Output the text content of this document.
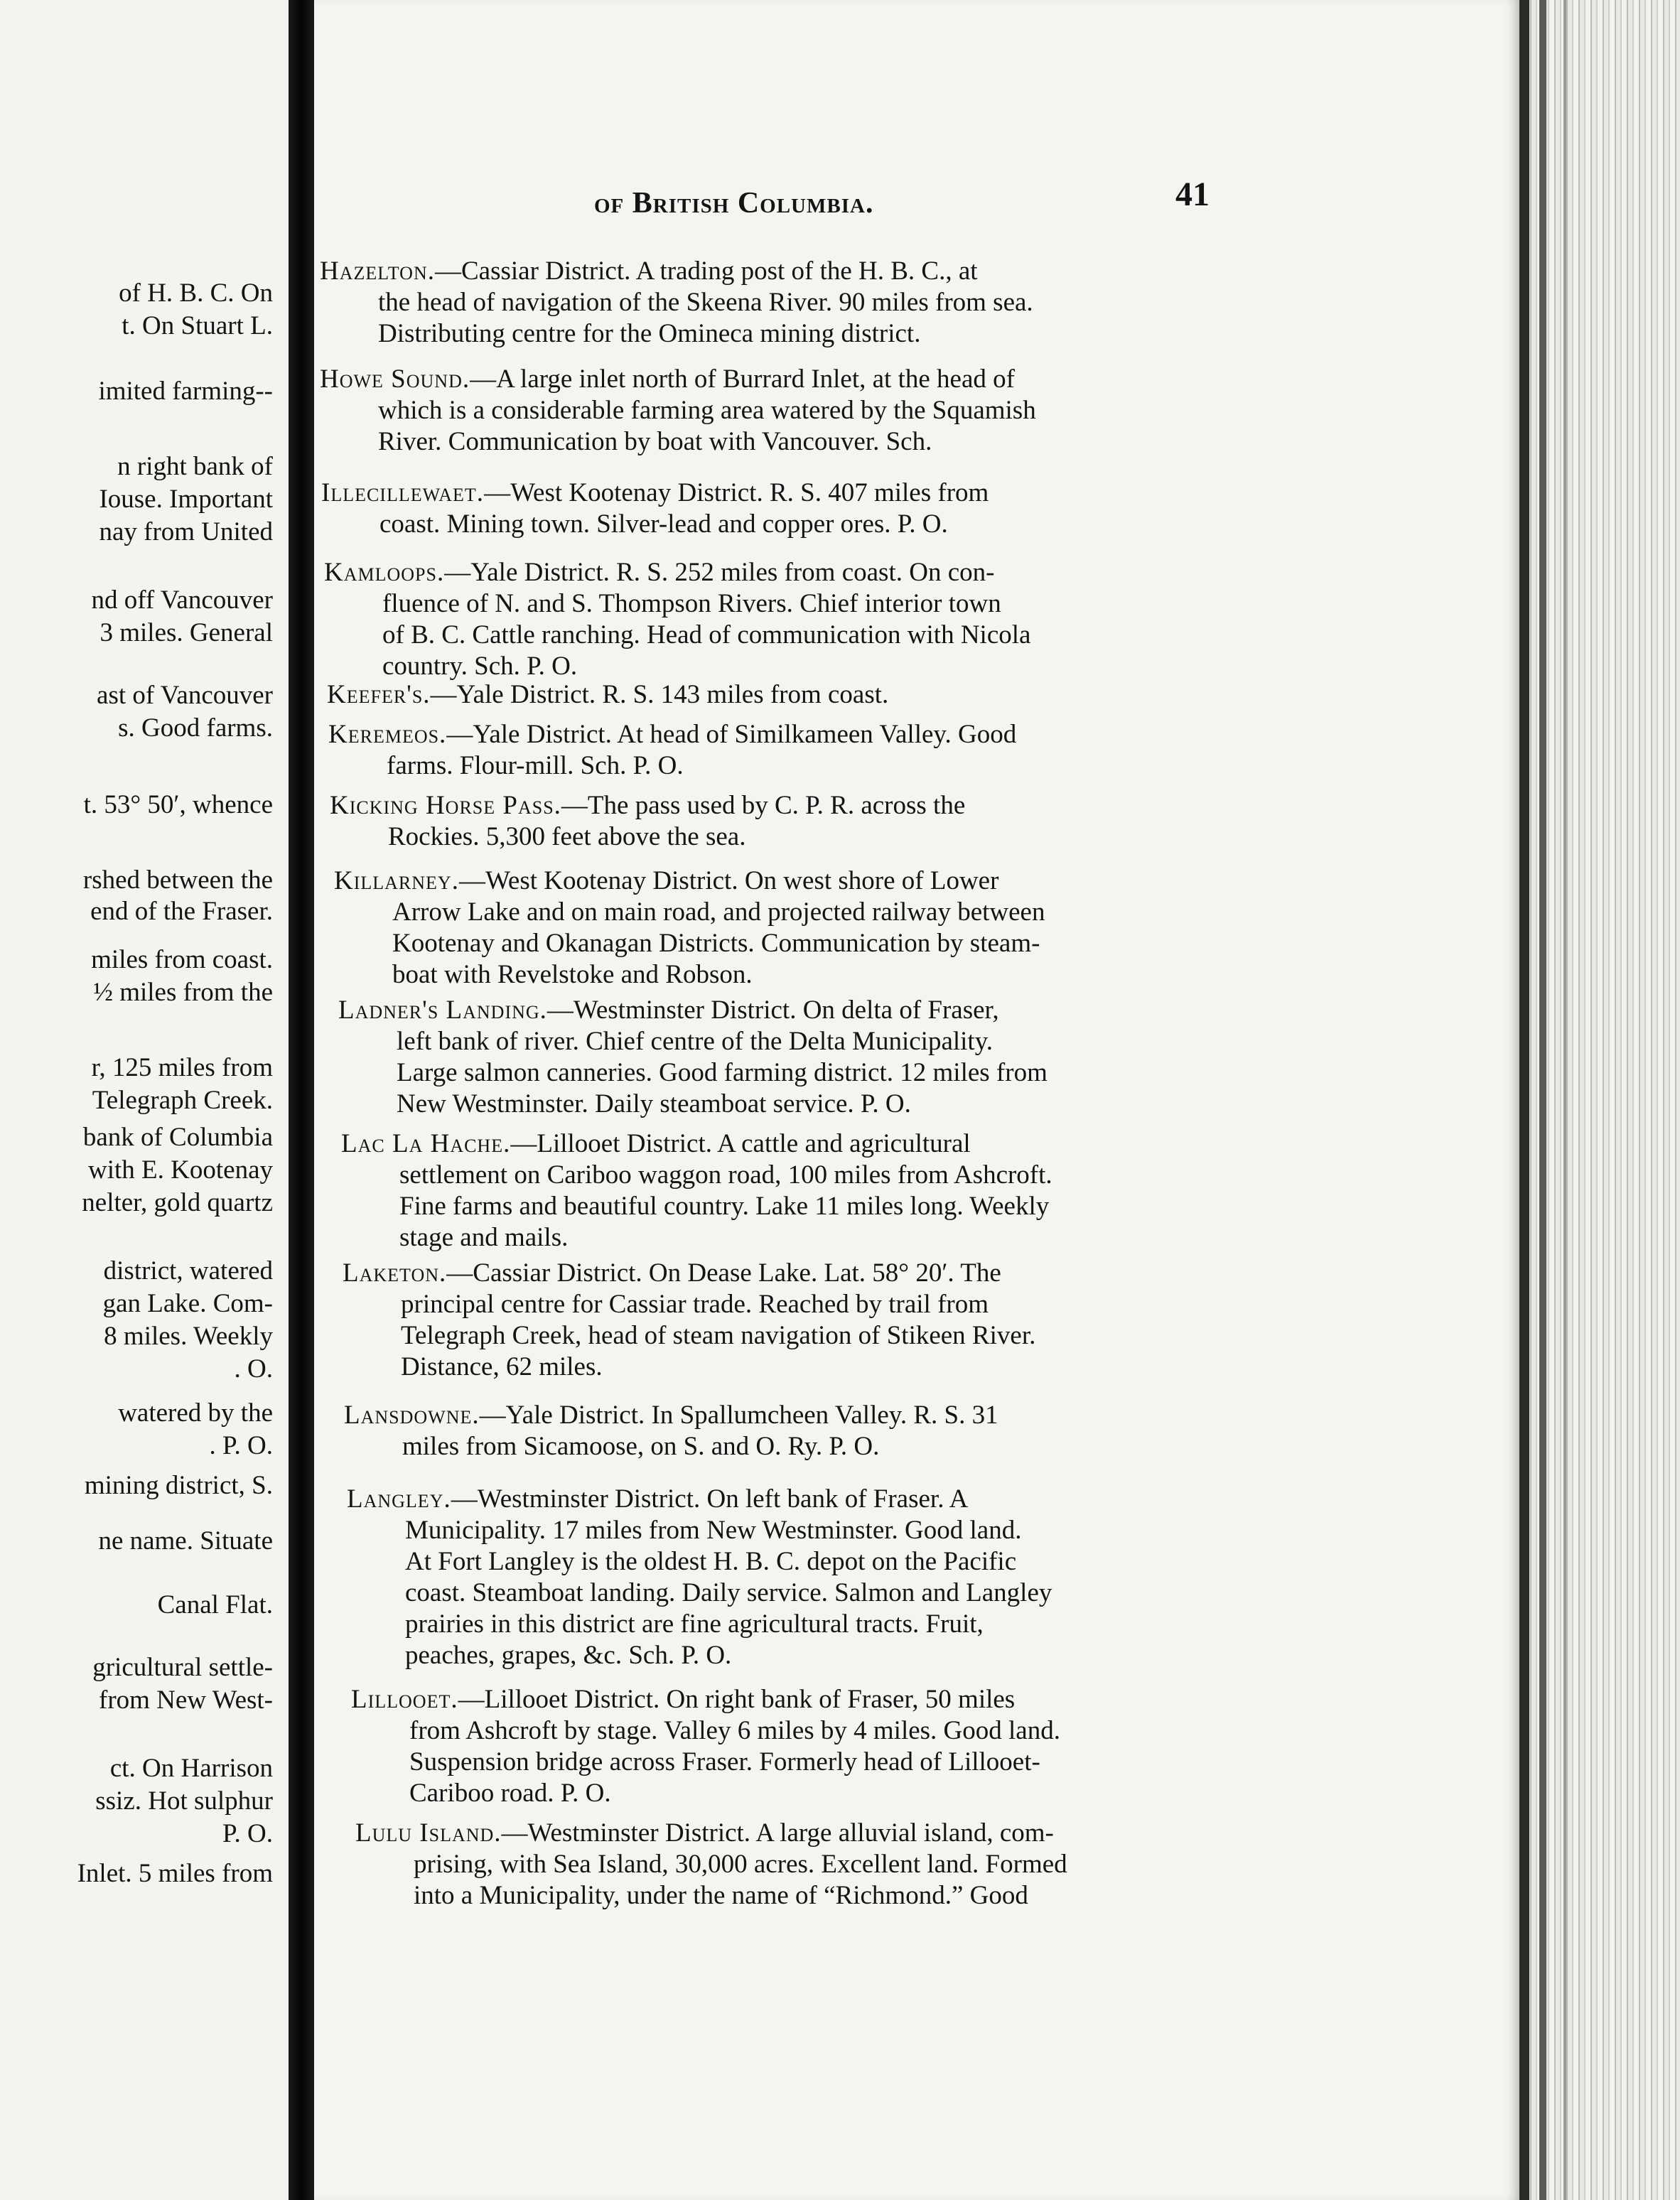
of H. B. C. On
t. On Stuart L.
imited farming--
n right bank of
Iouse. Important
nay from United
nd off Vancouver
3 miles. General
ast of Vancouver
s. Good farms.
t. 53° 50′, whence
rshed between the
end of the Fraser.
miles from coast.
½ miles from the
r, 125 miles from
Telegraph Creek.
bank of Columbia
with E. Kootenay
nelter, gold quartz
district, watered
gan Lake. Com-
8 miles. Weekly
. O.
watered by the
. P. O.
mining district, S.
ne name. Situate
Canal Flat.
gricultural settle-
from New West-
ct. On Harrison
ssiz. Hot sulphur
P. O.
Inlet. 5 miles from
of British Columbia.	41
Hazelton.—Cassiar District. A trading post of the H. B. C., at
the head of navigation of the Skeena River. 90 miles from sea.
Distributing centre for the Omineca mining district.
Howe Sound.—A large inlet north of Burrard Inlet, at the head of
which is a considerable farming area watered by the Squamish
River. Communication by boat with Vancouver. Sch.
Illecillewaet.—West Kootenay District. R. S. 407 miles from
coast. Mining town. Silver-lead and copper ores. P. O.
Kamloops.—Yale District. R. S. 252 miles from coast. On con-
fluence of N. and S. Thompson Rivers. Chief interior town
of B. C. Cattle ranching. Head of communication with Nicola
country. Sch. P. O.
Keefer's.—Yale District. R. S. 143 miles from coast.
Keremeos.—Yale District. At head of Similkameen Valley. Good
farms. Flour-mill. Sch. P. O.
Kicking Horse Pass.—The pass used by C. P. R. across the
Rockies. 5,300 feet above the sea.
Killarney.—West Kootenay District. On west shore of Lower
Arrow Lake and on main road, and projected railway between
Kootenay and Okanagan Districts. Communication by steam-
boat with Revelstoke and Robson.
Ladner's Landing.—Westminster District. On delta of Fraser,
left bank of river. Chief centre of the Delta Municipality.
Large salmon canneries. Good farming district. 12 miles from
New Westminster. Daily steamboat service. P. O.
Lac La Hache.—Lillooet District. A cattle and agricultural
settlement on Cariboo waggon road, 100 miles from Ashcroft.
Fine farms and beautiful country. Lake 11 miles long. Weekly
stage and mails.
Laketon.—Cassiar District. On Dease Lake. Lat. 58° 20′. The
principal centre for Cassiar trade. Reached by trail from
Telegraph Creek, head of steam navigation of Stikeen River.
Distance, 62 miles.
Lansdowne.—Yale District. In Spallumcheen Valley. R. S. 31
miles from Sicamoose, on S. and O. Ry. P. O.
Langley.—Westminster District. On left bank of Fraser. A
Municipality. 17 miles from New Westminster. Good land.
At Fort Langley is the oldest H. B. C. depot on the Pacific
coast. Steamboat landing. Daily service. Salmon and Langley
prairies in this district are fine agricultural tracts. Fruit,
peaches, grapes, &c. Sch. P. O.
Lillooet.—Lillooet District. On right bank of Fraser, 50 miles
from Ashcroft by stage. Valley 6 miles by 4 miles. Good land.
Suspension bridge across Fraser. Formerly head of Lillooet-
Cariboo road. P. O.
Lulu Island.—Westminster District. A large alluvial island, com-
prising, with Sea Island, 30,000 acres. Excellent land. Formed
into a Municipality, under the name of “Richmond.” Good
